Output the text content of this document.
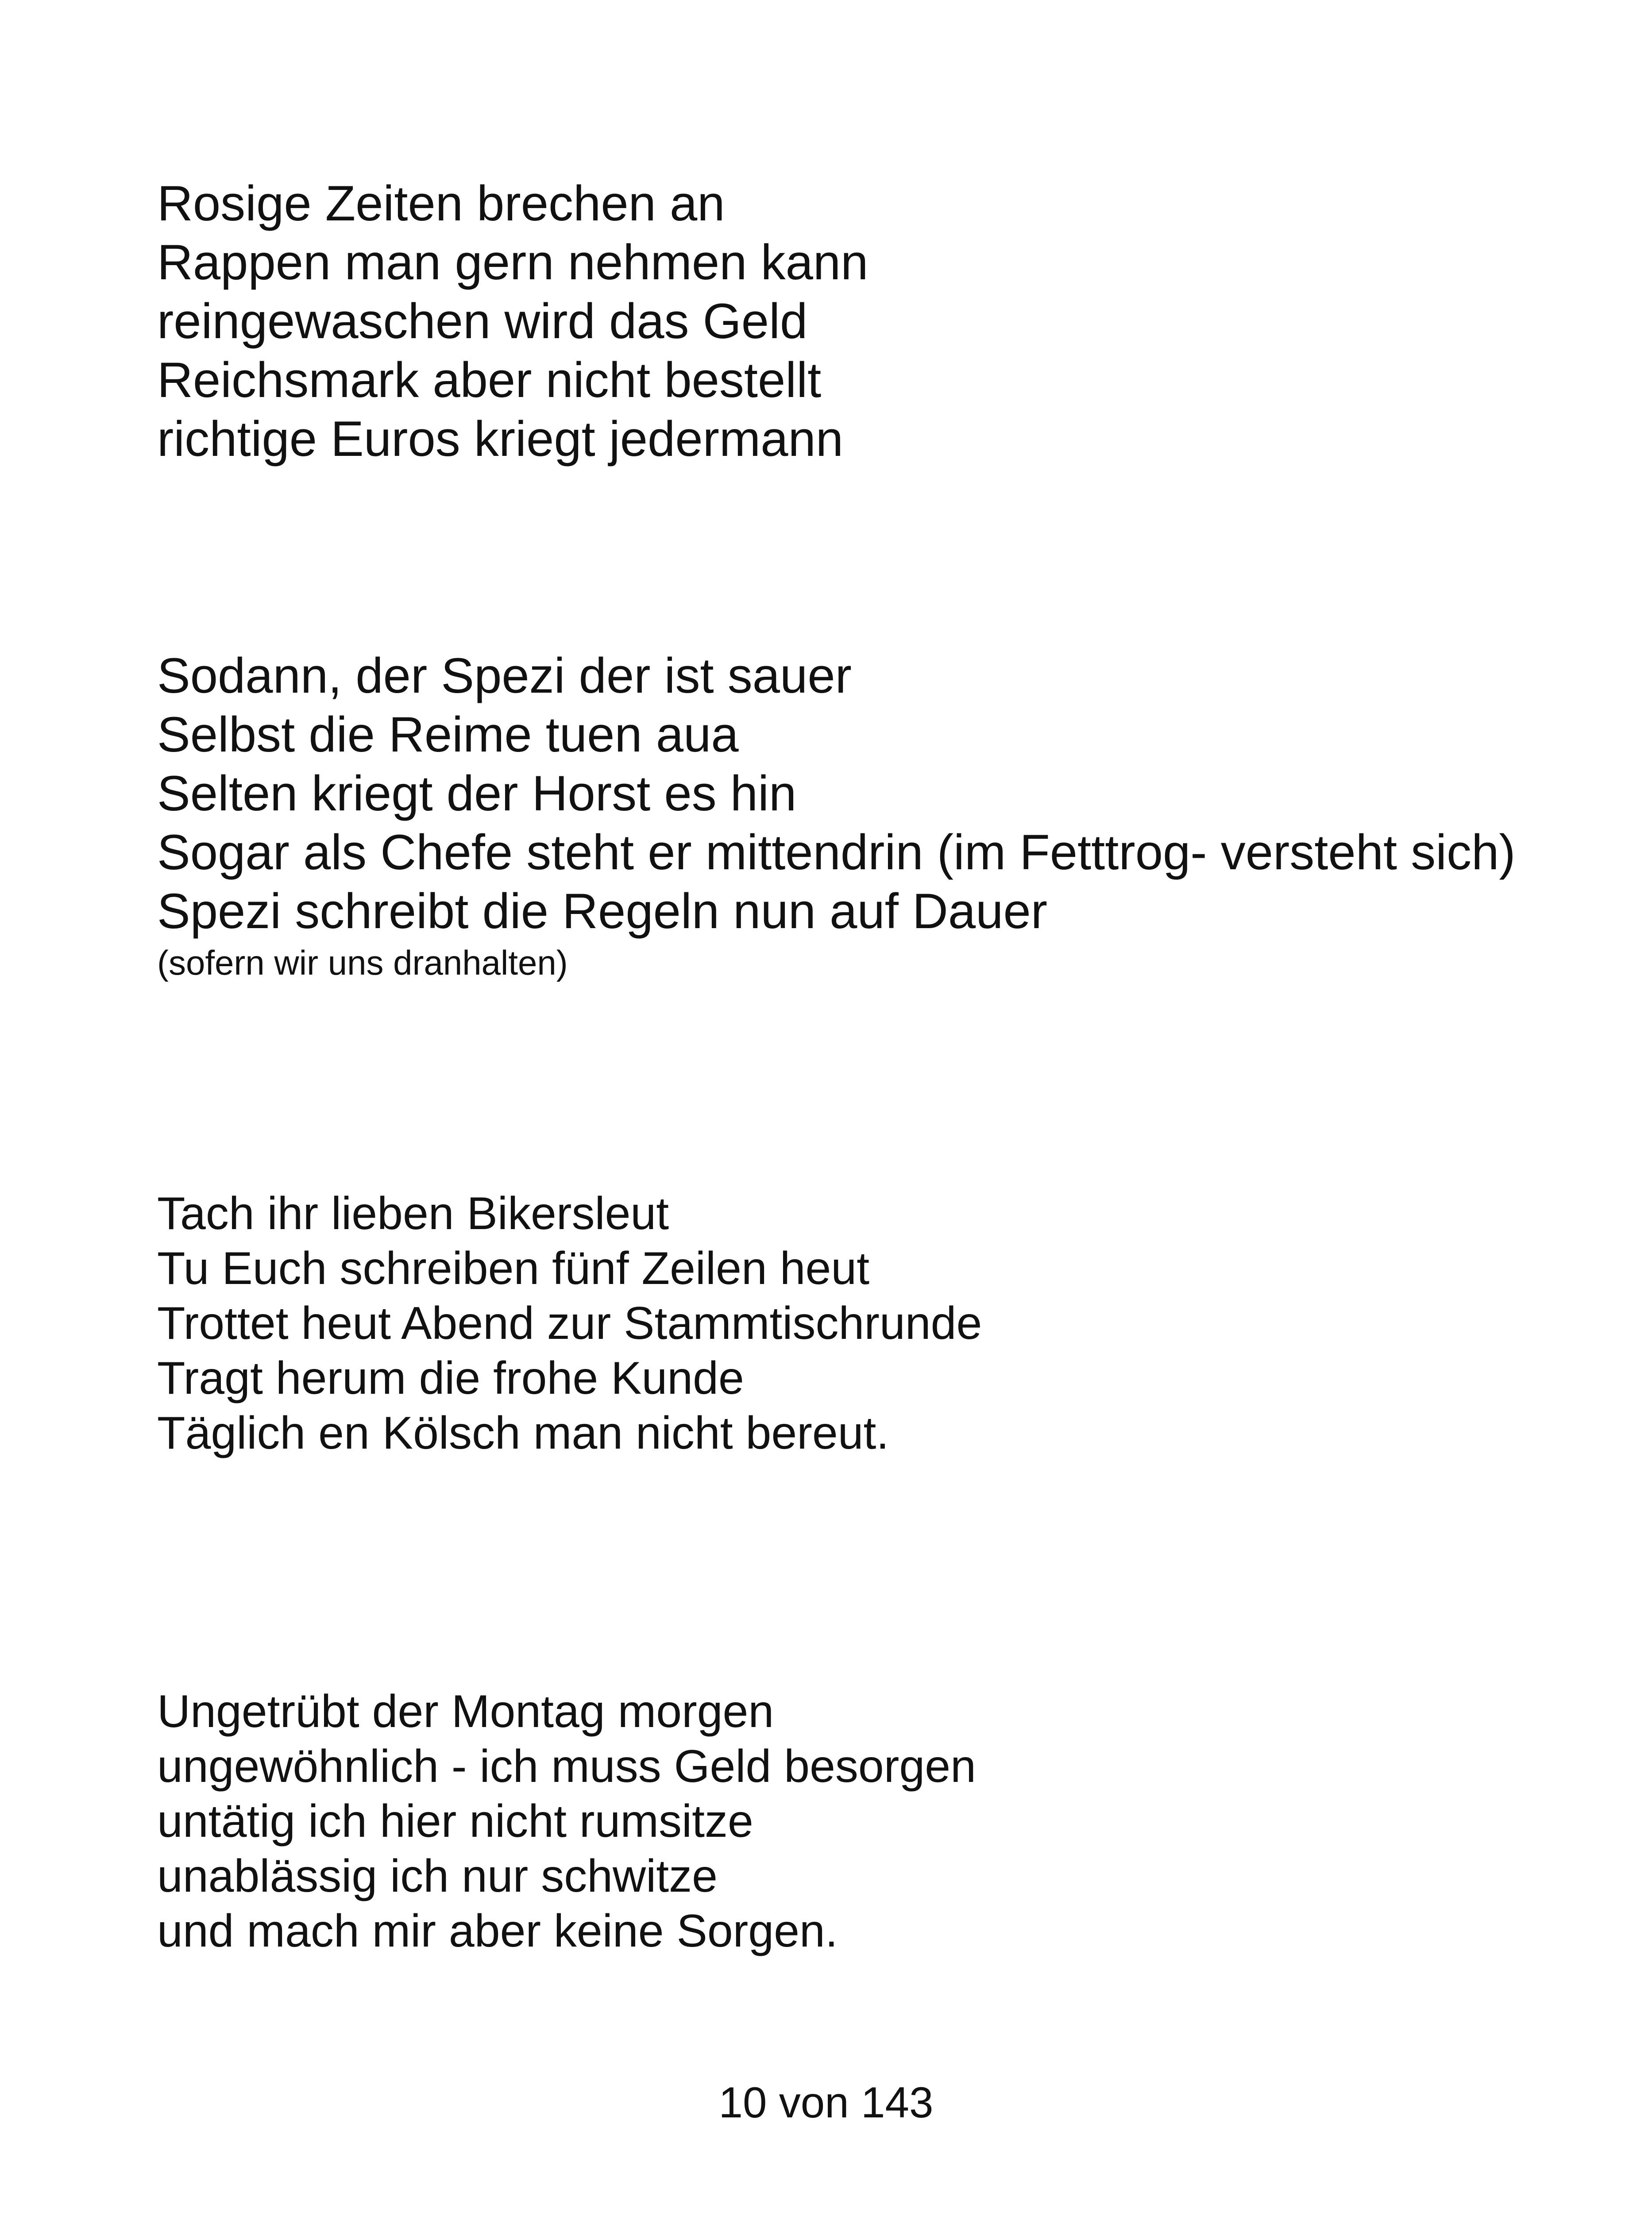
Rosige Zeiten brechen an
Rappen man gern nehmen kann
reingewaschen wird das Geld
Reichsmark aber nicht bestellt
richtige Euros kriegt jedermann
Sodann, der Spezi der ist sauer
Selbst die Reime tuen aua
Selten kriegt der Horst es hin
Sogar als Chefe steht er mittendrin (im Fetttrog- versteht sich)
Spezi schreibt die Regeln nun auf Dauer
(sofern wir uns dranhalten)
Tach ihr lieben Bikersleut
Tu Euch schreiben fünf Zeilen heut
Trottet heut Abend zur Stammtischrunde
Tragt herum die frohe Kunde
Täglich en Kölsch man nicht bereut.
Ungetrübt der Montag morgen
ungewöhnlich - ich muss Geld besorgen
untätig ich hier nicht rumsitze
unablässig ich nur schwitze
und mach mir aber keine Sorgen.
10 von 143
